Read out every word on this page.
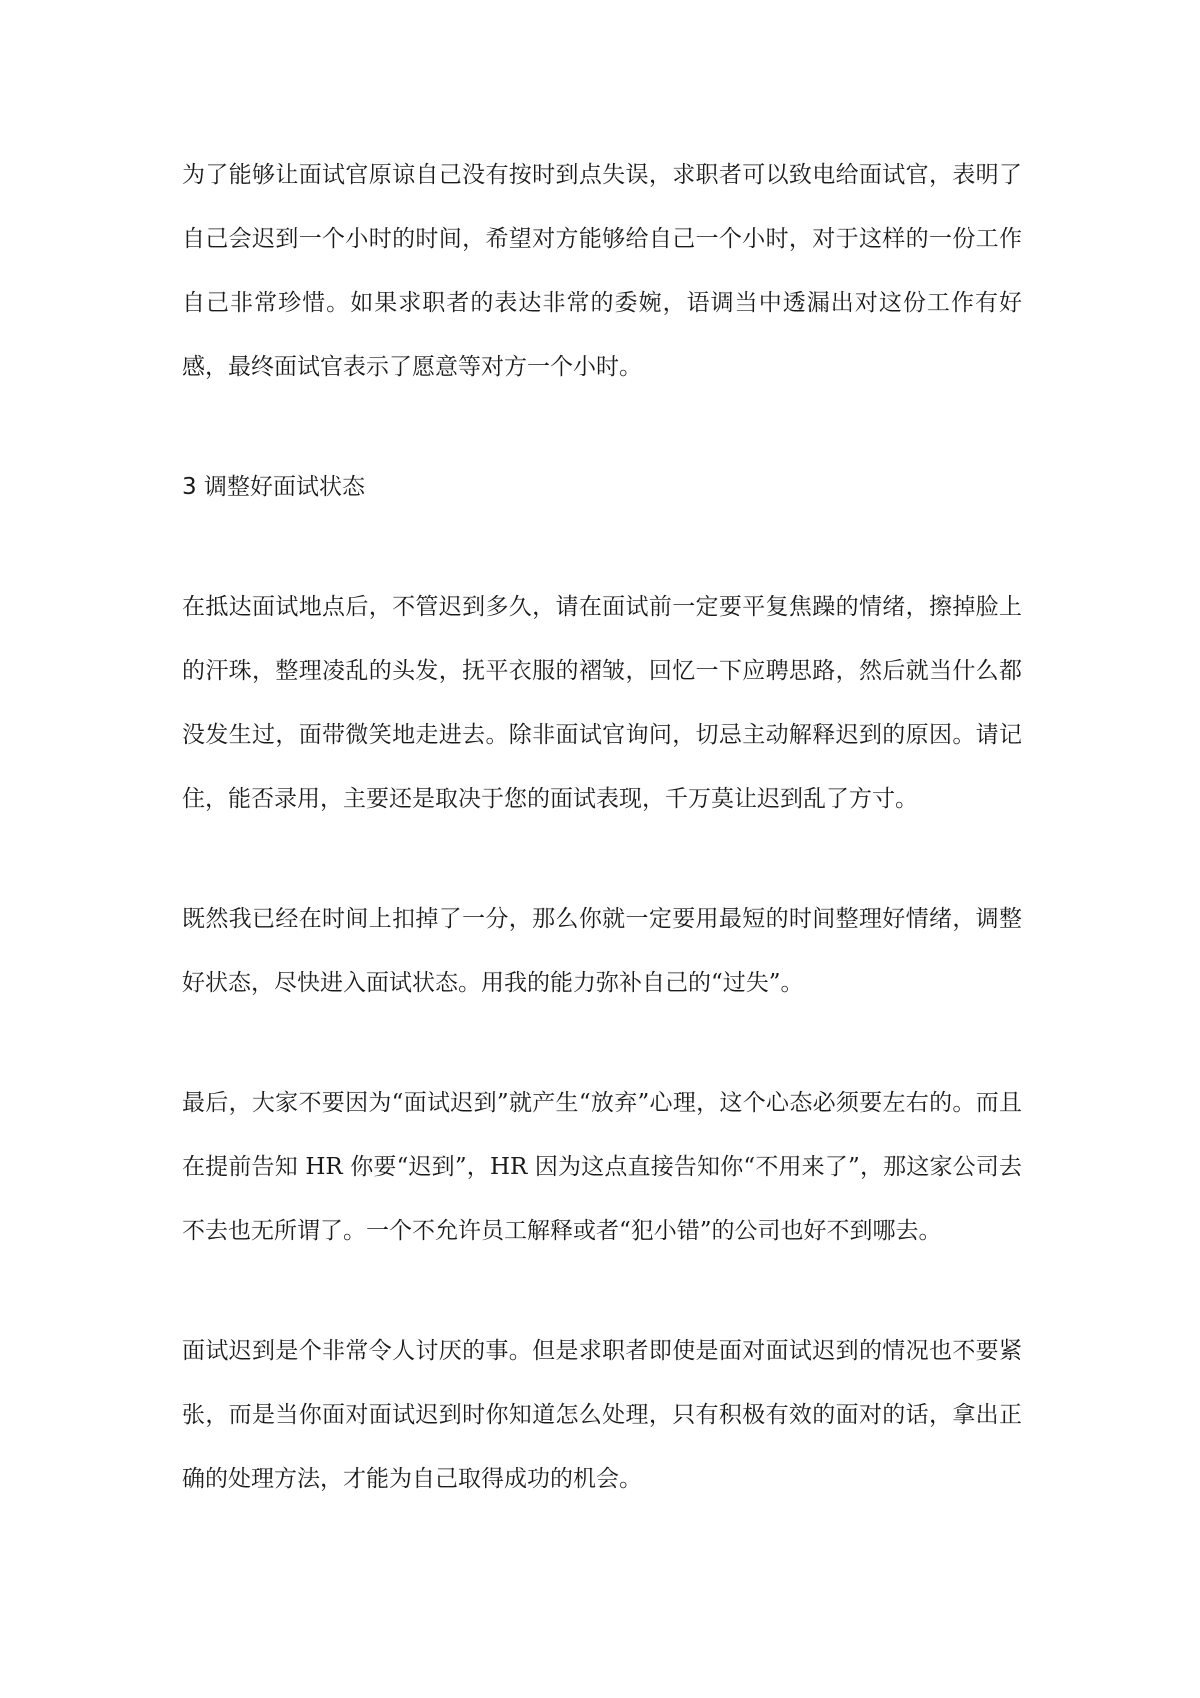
为了能够让面试官原谅自己没有按时到点失误，求职者可以致电给面试官，表明了自己会迟到一个小时的时间，希望对方能够给自己一个小时，对于这样的一份工作自己非常珍惜。如果求职者的表达非常的委婉，语调当中透漏出对这份工作有好感，最终面试官表示了愿意等对方一个小时。

3 调整好面试状态

在抵达面试地点后，不管迟到多久，请在面试前一定要平复焦躁的情绪，擦掉脸上的汗珠，整理凌乱的头发，抚平衣服的褶皱，回忆一下应聘思路，然后就当什么都没发生过，面带微笑地走进去。除非面试官询问，切忌主动解释迟到的原因。请记住，能否录用，主要还是取决于您的面试表现，千万莫让迟到乱了方寸。

既然我已经在时间上扣掉了一分，那么你就一定要用最短的时间整理好情绪，调整好状态，尽快进入面试状态。用我的能力弥补自己的“过失”。

最后，大家不要因为“面试迟到”就产生“放弃”心理，这个心态必须要左右的。而且在提前告知 HR 你要“迟到”，HR 因为这点直接告知你“不用来了”，那这家公司去不去也无所谓了。一个不允许员工解释或者“犯小错”的公司也好不到哪去。

面试迟到是个非常令人讨厌的事。但是求职者即使是面对面试迟到的情况也不要紧张，而是当你面对面试迟到时你知道怎么处理，只有积极有效的面对的话，拿出正确的处理方法，才能为自己取得成功的机会。
